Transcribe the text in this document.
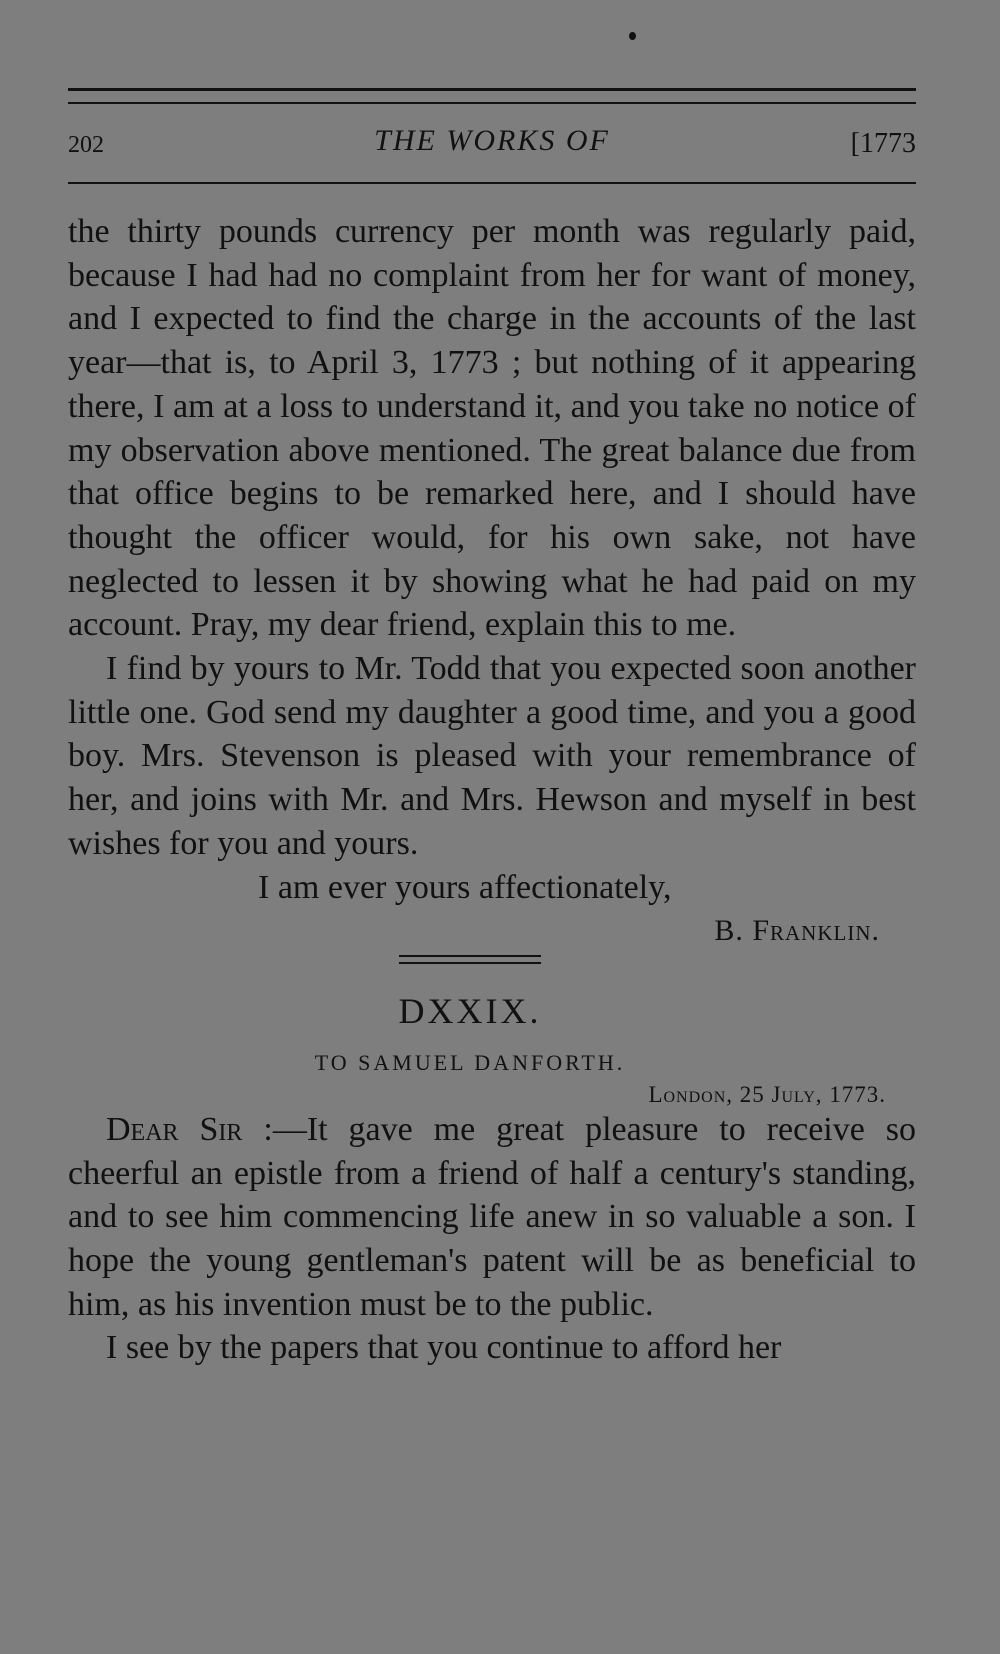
202	THE WORKS OF	[1773

the thirty pounds currency per month was regularly paid, because I had had no complaint from her for want of money, and I expected to find the charge in the accounts of the last year—that is, to April 3, 1773 ; but nothing of it appearing there, I am at a loss to understand it, and you take no notice of my observation above mentioned. The great balance due from that office begins to be remarked here, and I should have thought the officer would, for his own sake, not have neglected to lessen it by showing what he had paid on my account. Pray, my dear friend, explain this to me.

I find by yours to Mr. Todd that you expected soon another little one. God send my daughter a good time, and you a good boy. Mrs. Stevenson is pleased with your remembrance of her, and joins with Mr. and Mrs. Hewson and myself in best wishes for you and yours.

I am ever yours affectionately,

B. Franklin.

DXXIX.

TO SAMUEL DANFORTH.

London, 25 July, 1773.

Dear Sir :—It gave me great pleasure to receive so cheerful an epistle from a friend of half a century's standing, and to see him commencing life anew in so valuable a son. I hope the young gentleman's patent will be as beneficial to him, as his invention must be to the public.

I see by the papers that you continue to afford her
